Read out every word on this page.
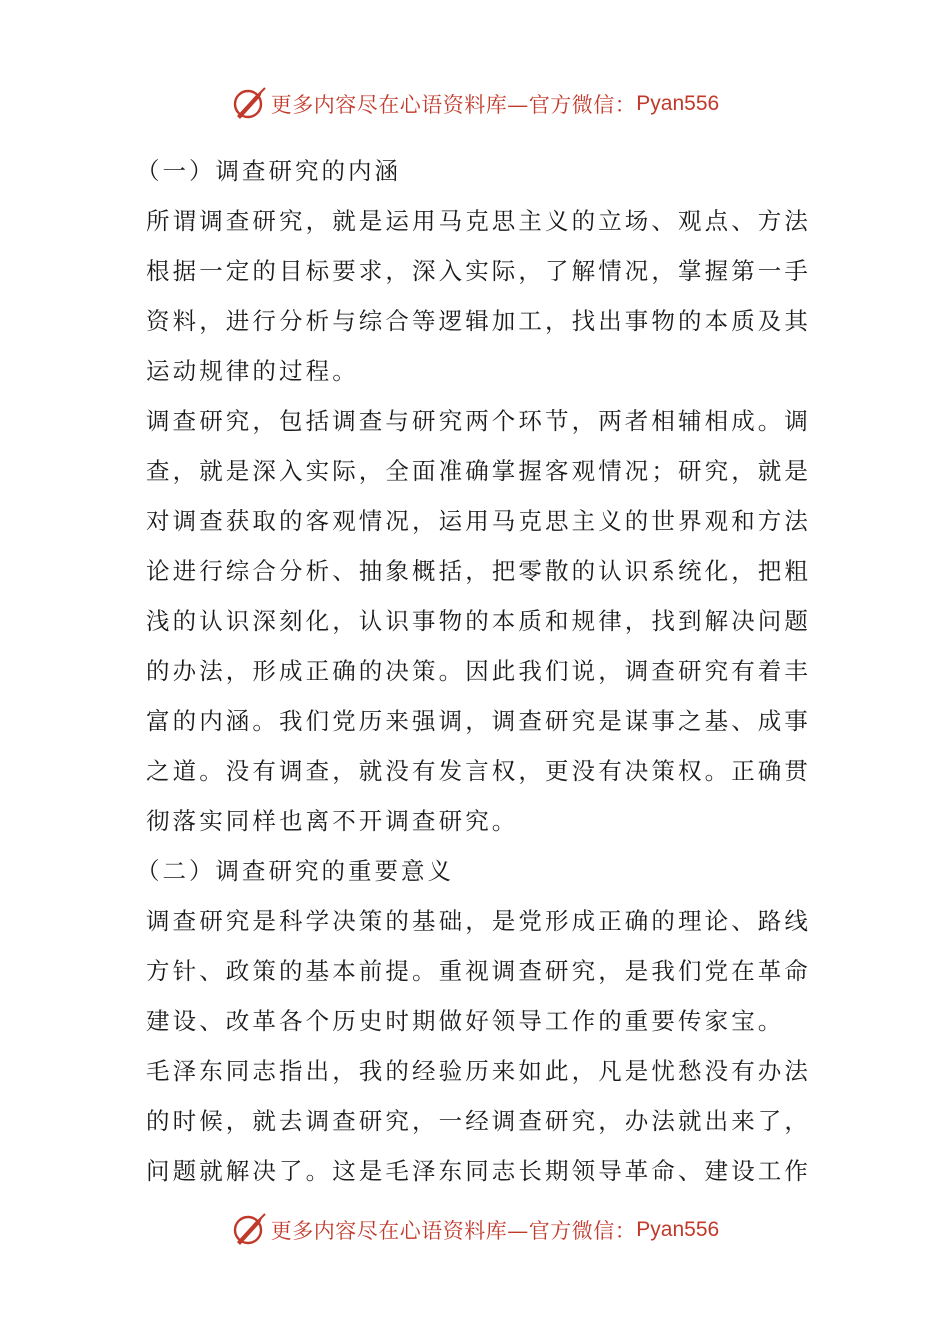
更多内容尽在心语资料库—官方微信： Pyan556
（一）调查研究的内涵
所谓调查研究，就是运用马克思主义的立场、观点、方法
根据一定的目标要求，深入实际，了解情况，掌握第一手
资料，进行分析与综合等逻辑加工，找出事物的本质及其
运动规律的过程。
调查研究，包括调查与研究两个环节，两者相辅相成。调
查，就是深入实际，全面准确掌握客观情况；研究，就是
对调查获取的客观情况，运用马克思主义的世界观和方法
论进行综合分析、抽象概括，把零散的认识系统化，把粗
浅的认识深刻化，认识事物的本质和规律，找到解决问题
的办法，形成正确的决策。因此我们说，调查研究有着丰
富的内涵。我们党历来强调，调查研究是谋事之基、成事
之道。没有调查，就没有发言权，更没有决策权。正确贯
彻落实同样也离不开调查研究。
（二）调查研究的重要意义
调查研究是科学决策的基础，是党形成正确的理论、路线
方针、政策的基本前提。重视调查研究，是我们党在革命
建设、改革各个历史时期做好领导工作的重要传家宝。
毛泽东同志指出，我的经验历来如此，凡是忧愁没有办法
的时候，就去调查研究，一经调查研究，办法就出来了，
问题就解决了。这是毛泽东同志长期领导革命、建设工作
更多内容尽在心语资料库—官方微信： Pyan556
